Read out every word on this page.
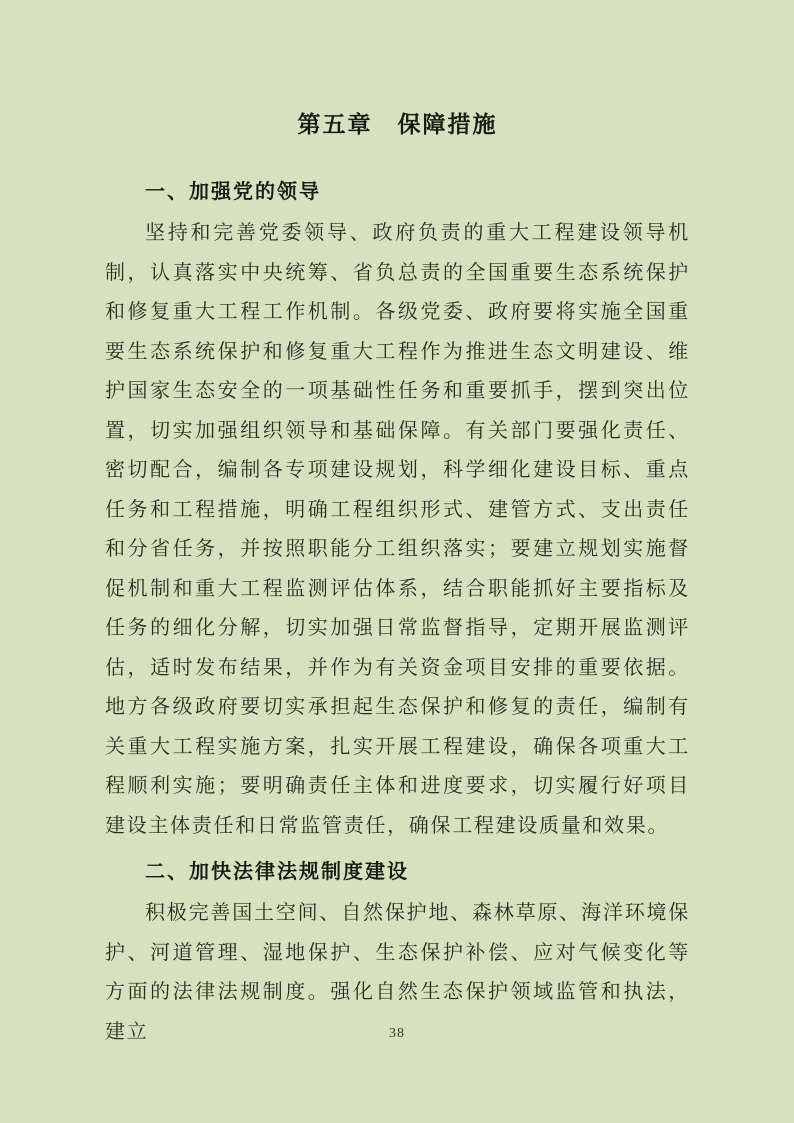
第五章　保障措施
一、加强党的领导

坚持和完善党委领导、政府负责的重大工程建设领导机制，认真落实中央统筹、省负总责的全国重要生态系统保护和修复重大工程工作机制。各级党委、政府要将实施全国重要生态系统保护和修复重大工程作为推进生态文明建设、维护国家生态安全的一项基础性任务和重要抓手，摆到突出位置，切实加强组织领导和基础保障。有关部门要强化责任、密切配合，编制各专项建设规划，科学细化建设目标、重点任务和工程措施，明确工程组织形式、建管方式、支出责任和分省任务，并按照职能分工组织落实；要建立规划实施督促机制和重大工程监测评估体系，结合职能抓好主要指标及任务的细化分解，切实加强日常监督指导，定期开展监测评估，适时发布结果，并作为有关资金项目安排的重要依据。地方各级政府要切实承担起生态保护和修复的责任，编制有关重大工程实施方案，扎实开展工程建设，确保各项重大工程顺利实施；要明确责任主体和进度要求，切实履行好项目建设主体责任和日常监管责任，确保工程建设质量和效果。

二、加快法律法规制度建设

积极完善国土空间、自然保护地、森林草原、海洋环境保护、河道管理、湿地保护、生态保护补偿、应对气候变化等方面的法律法规制度。强化自然生态保护领域监管和执法，建立	38
